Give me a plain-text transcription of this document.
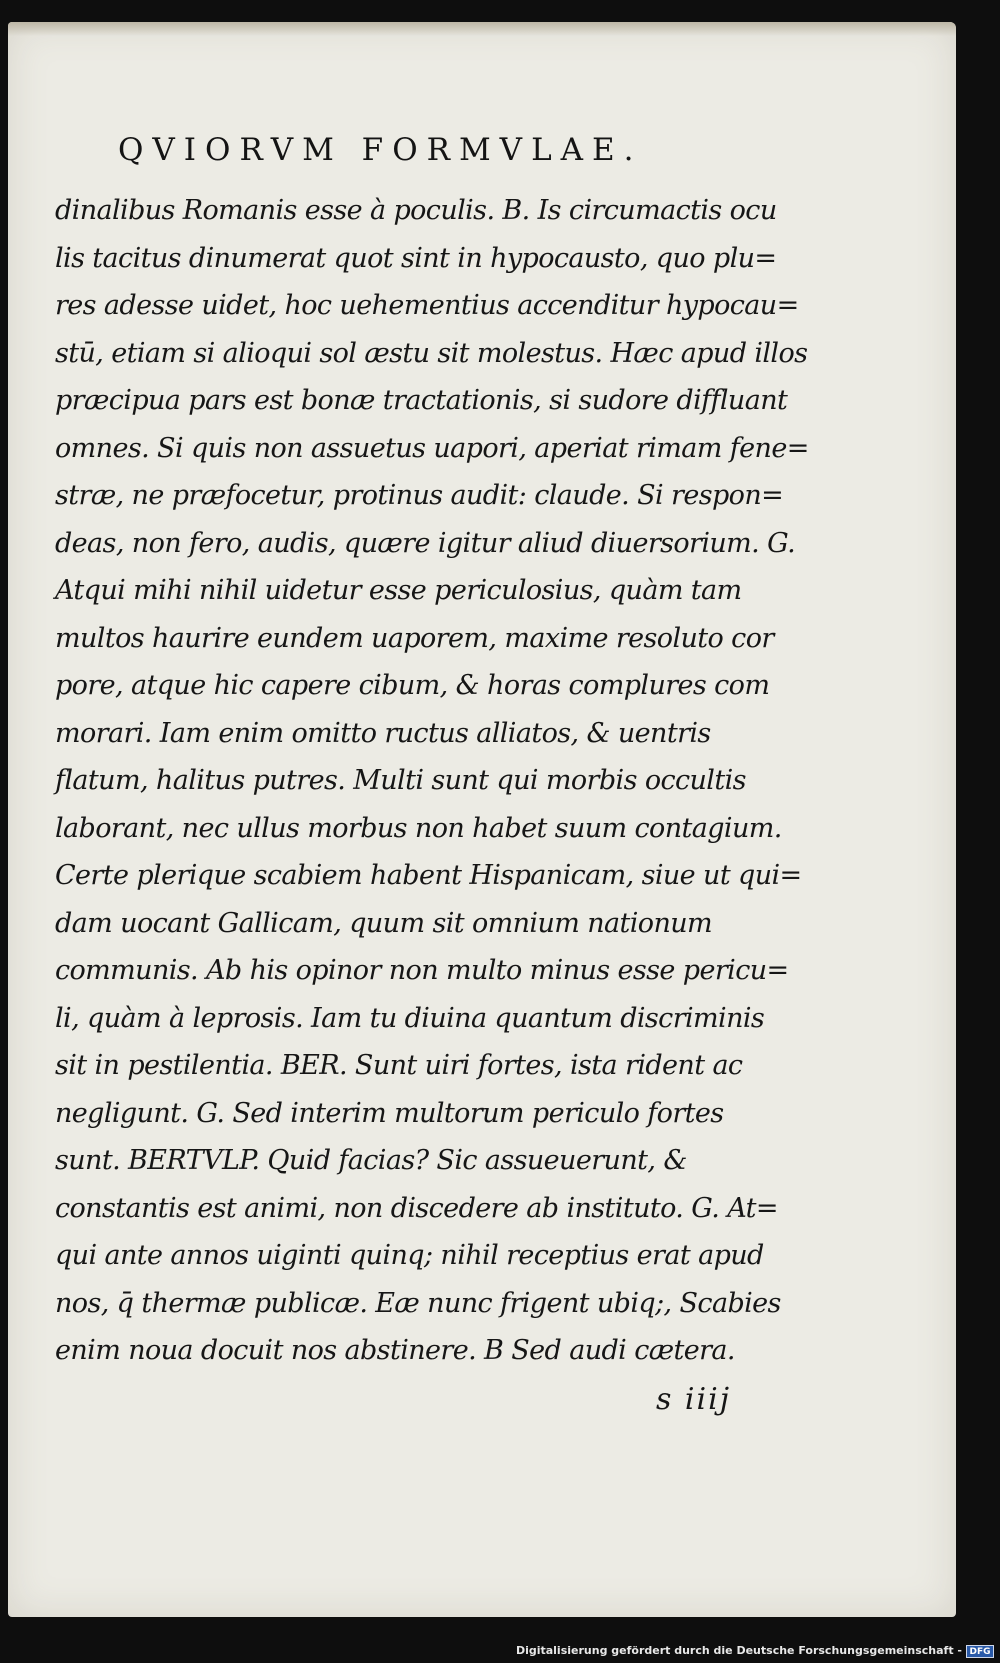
QVIORVM FORMVLAE.
dinalibus Romanis esse à poculis. B. Is circumactis ocu
lis tacitus dinumerat quot sint in hypocausto, quo plu=
res adesse uidet, hoc uehementius accenditur hypocau=
stū, etiam si alioqui sol æstu sit molestus. Hæc apud illos
præcipua pars est bonæ tractationis, si sudore diffluant
omnes. Si quis non assuetus uapori, aperiat rimam fene=
stræ, ne præfocetur, protinus audit: claude. Si respon=
deas, non fero, audis, quære igitur aliud diuersorium. G.
Atqui mihi nihil uidetur esse periculosius, quàm tam
multos haurire eundem uaporem, maxime resoluto cor
pore, atque hic capere cibum, & horas complures com
morari. Iam enim omitto ructus alliatos, & uentris
flatum, halitus putres. Multi sunt qui morbis occultis
laborant, nec ullus morbus non habet suum contagium.
Certe plerique scabiem habent Hispanicam, siue ut qui=
dam uocant Gallicam, quum sit omnium nationum
communis. Ab his opinor non multo minus esse pericu=
li, quàm à leprosis. Iam tu diuina quantum discriminis
sit in pestilentia. BER. Sunt uiri fortes, ista rident ac
negligunt. G. Sed interim multorum periculo fortes
sunt. BERTVLP. Quid facias? Sic assueuerunt, &
constantis est animi, non discedere ab instituto. G. At=
qui ante annos uiginti quinq; nihil receptius erat apud
nos, q̄ thermæ publicæ. Eæ nunc frigent ubiq;, Scabies
enim noua docuit nos abstinere. B Sed audi cætera.
s iiij
Digitalisierung gefördert durch die Deutsche Forschungsgemeinschaft - DFG
